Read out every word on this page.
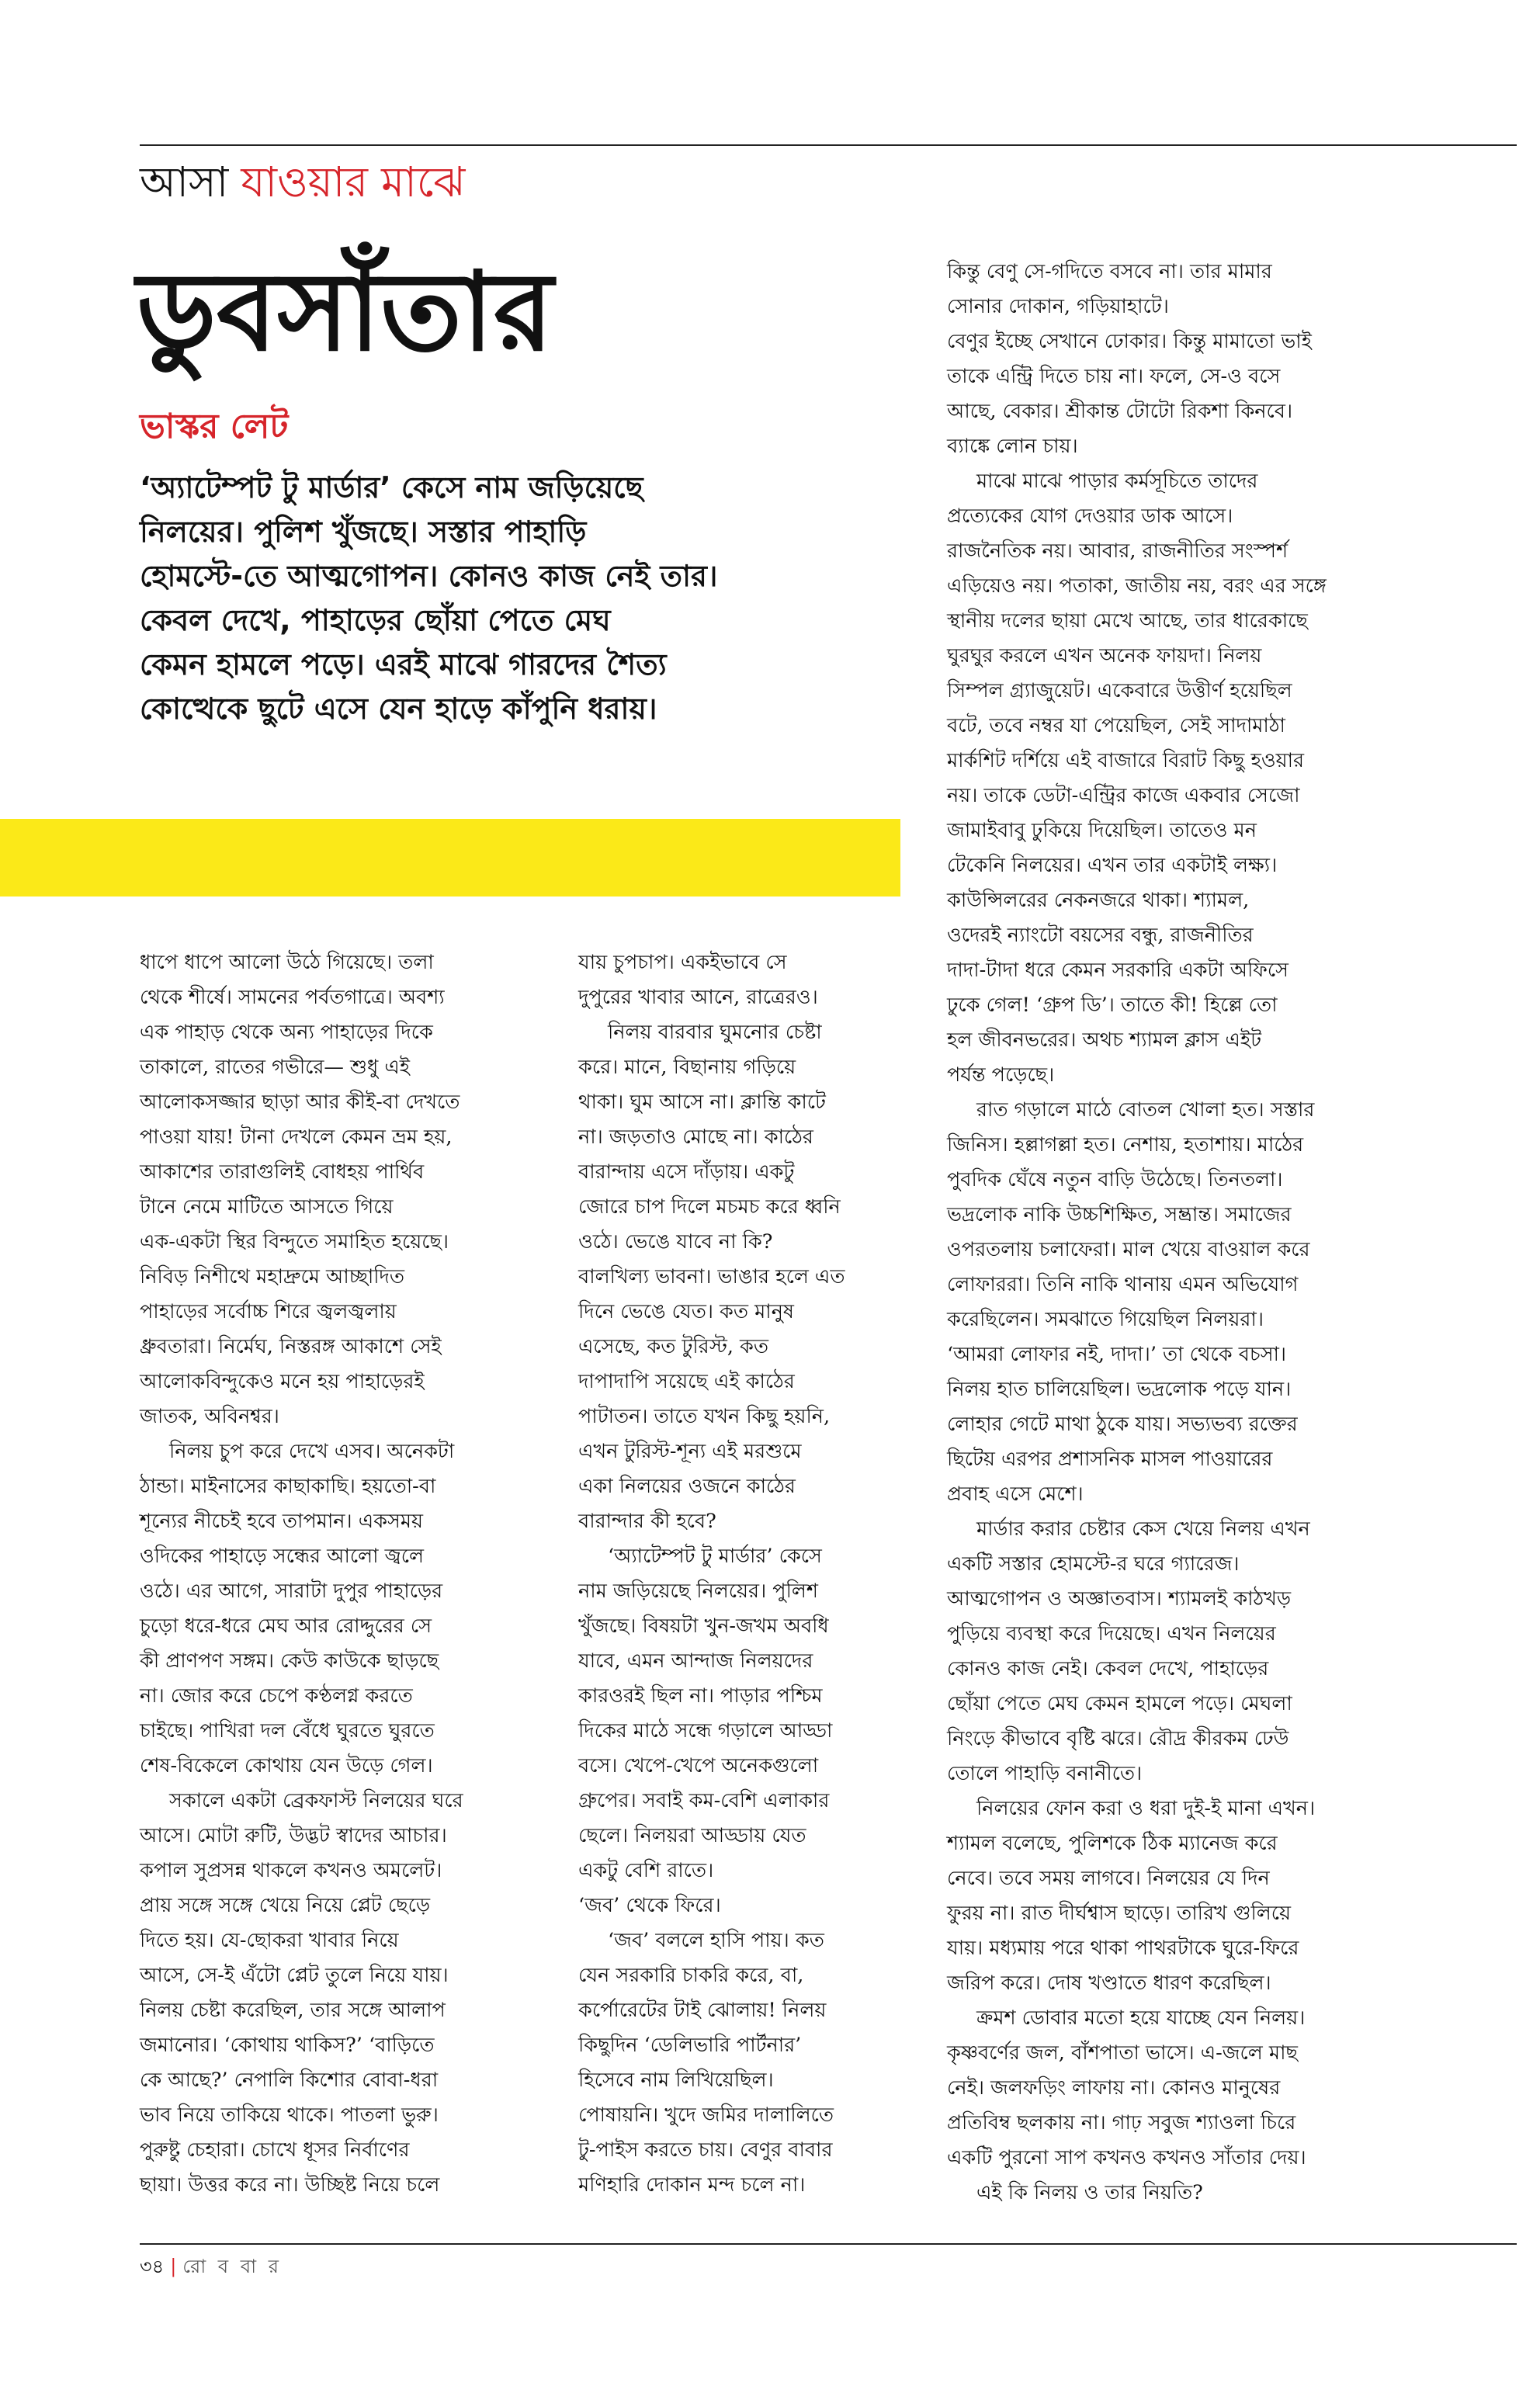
আসা যাওয়ার মাঝে
ডুবসাঁতার
ভাস্কর লেট
‘অ্যাটেম্পট টু মার্ডার’ কেসে নাম জড়িয়েছে
নিলয়ের। পুলিশ খুঁজছে। সস্তার পাহাড়ি
হোমস্টে-তে আত্মগোপন। কোনও কাজ নেই তার।
কেবল দেখে, পাহাড়ের ছোঁয়া পেতে মেঘ
কেমন হামলে পড়ে। এরই মাঝে গারদের শৈত্য
কোত্থেকে ছুটে এসে যেন হাড়ে কাঁপুনি ধরায়।
ধাপে ধাপে আলো উঠে গিয়েছে। তলা
থেকে শীর্ষে। সামনের পর্বতগাত্রে। অবশ্য
এক পাহাড় থেকে অন্য পাহাড়ের দিকে
তাকালে, রাতের গভীরে— শুধু এই
আলোকসজ্জার ছাড়া আর কীই-বা দেখতে
পাওয়া যায়! টানা দেখলে কেমন ভ্রম হয়,
আকাশের তারাগুলিই বোধহয় পার্থিব
টানে নেমে মাটিতে আসতে গিয়ে
এক-একটা স্থির বিন্দুতে সমাহিত হয়েছে।
নিবিড় নিশীথে মহাদ্রুমে আচ্ছাদিত
পাহাড়ের সর্বোচ্চ শিরে জ্বলজ্বলায়
ধ্রুবতারা। নির্মেঘ, নিস্তরঙ্গ আকাশে সেই
আলোকবিন্দুকেও মনে হয় পাহাড়েরই
জাতক, অবিনশ্বর।
নিলয় চুপ করে দেখে এসব। অনেকটা
ঠান্ডা। মাইনাসের কাছাকাছি। হয়তো-বা
শূন্যের নীচেই হবে তাপমান। একসময়
ওদিকের পাহাড়ে সন্ধের আলো জ্বলে
ওঠে। এর আগে, সারাটা দুপুর পাহাড়ের
চুড়ো ধরে-ধরে মেঘ আর রোদ্দুরের সে
কী প্রাণপণ সঙ্গম। কেউ কাউকে ছাড়ছে
না। জোর করে চেপে কণ্ঠলগ্ন করতে
চাইছে। পাখিরা দল বেঁধে ঘুরতে ঘুরতে
শেষ-বিকেলে কোথায় যেন উড়ে গেল।
সকালে একটা ব্রেকফাস্ট নিলয়ের ঘরে
আসে। মোটা রুটি, উদ্ভট স্বাদের আচার।
কপাল সুপ্রসন্ন থাকলে কখনও অমলেট।
প্রায় সঙ্গে সঙ্গে খেয়ে নিয়ে প্লেট ছেড়ে
দিতে হয়। যে-ছোকরা খাবার নিয়ে
আসে, সে-ই এঁটো প্লেট তুলে নিয়ে যায়।
নিলয় চেষ্টা করেছিল, তার সঙ্গে আলাপ
জমানোর। ‘কোথায় থাকিস?’ ‘বাড়িতে
কে আছে?’ নেপালি কিশোর বোবা-ধরা
ভাব নিয়ে তাকিয়ে থাকে। পাতলা ভুরু।
পুরুষ্টু চেহারা। চোখে ধূসর নির্বাণের
ছায়া। উত্তর করে না। উচ্ছিষ্ট নিয়ে চলে
যায় চুপচাপ। একইভাবে সে
দুপুরের খাবার আনে, রাত্রেরও।
নিলয় বারবার ঘুমনোর চেষ্টা
করে। মানে, বিছানায় গড়িয়ে
থাকা। ঘুম আসে না। ক্লান্তি কাটে
না। জড়তাও মোছে না। কাঠের
বারান্দায় এসে দাঁড়ায়। একটু
জোরে চাপ দিলে মচমচ করে ধ্বনি
ওঠে। ভেঙে যাবে না কি?
বালখিল্য ভাবনা। ভাঙার হলে এত
দিনে ভেঙে যেত। কত মানুষ
এসেছে, কত টুরিস্ট, কত
দাপাদাপি সয়েছে এই কাঠের
পাটাতন। তাতে যখন কিছু হয়নি,
এখন টুরিস্ট-শূন্য এই মরশুমে
একা নিলয়ের ওজনে কাঠের
বারান্দার কী হবে?
‘অ্যাটেম্পট টু মার্ডার’ কেসে
নাম জড়িয়েছে নিলয়ের। পুলিশ
খুঁজছে। বিষয়টা খুন-জখম অবধি
যাবে, এমন আন্দাজ নিলয়দের
কারওরই ছিল না। পাড়ার পশ্চিম
দিকের মাঠে সন্ধে গড়ালে আড্ডা
বসে। খেপে-খেপে অনেকগুলো
গ্রুপের। সবাই কম-বেশি এলাকার
ছেলে। নিলয়রা আড্ডায় যেত
একটু বেশি রাতে।
‘জব’ থেকে ফিরে।
‘জব’ বললে হাসি পায়। কত
যেন সরকারি চাকরি করে, বা,
কর্পোরেটের টাই ঝোলায়! নিলয়
কিছুদিন ‘ডেলিভারি পার্টনার’
হিসেবে নাম লিখিয়েছিল।
পোষায়নি। খুদে জমির দালালিতে
টু-পাইস করতে চায়। বেণুর বাবার
মণিহারি দোকান মন্দ চলে না।
কিন্তু বেণু সে-গদিতে বসবে না। তার মামার
সোনার দোকান, গড়িয়াহাটে।
বেণুর ইচ্ছে সেখানে ঢোকার। কিন্তু মামাতো ভাই
তাকে এন্ট্রি দিতে চায় না। ফলে, সে-ও বসে
আছে, বেকার। শ্রীকান্ত টোটো রিকশা কিনবে।
ব্যাঙ্কে লোন চায়।
মাঝে মাঝে পাড়ার কর্মসূচিতে তাদের
প্রত্যেকের যোগ দেওয়ার ডাক আসে।
রাজনৈতিক নয়। আবার, রাজনীতির সংস্পর্শ
এড়িয়েও নয়। পতাকা, জাতীয় নয়, বরং এর সঙ্গে
স্থানীয় দলের ছায়া মেখে আছে, তার ধারেকাছে
ঘুরঘুর করলে এখন অনেক ফায়দা। নিলয়
সিম্পল গ্র্যাজুয়েট। একেবারে উত্তীর্ণ হয়েছিল
বটে, তবে নম্বর যা পেয়েছিল, সেই সাদামাঠা
মার্কশিট দর্শিয়ে এই বাজারে বিরাট কিছু হওয়ার
নয়। তাকে ডেটা-এন্ট্রির কাজে একবার সেজো
জামাইবাবু ঢুকিয়ে দিয়েছিল। তাতেও মন
টেকেনি নিলয়ের। এখন তার একটাই লক্ষ্য।
কাউন্সিলরের নেকনজরে থাকা। শ্যামল,
ওদেরই ন্যাংটো বয়সের বন্ধু, রাজনীতির
দাদা-টাদা ধরে কেমন সরকারি একটা অফিসে
ঢুকে গেল! ‘গ্রুপ ডি’। তাতে কী! হিল্লে তো
হল জীবনভরের। অথচ শ্যামল ক্লাস এইট
পর্যন্ত পড়েছে।
রাত গড়ালে মাঠে বোতল খোলা হত। সস্তার
জিনিস। হল্লাগল্লা হত। নেশায়, হতাশায়। মাঠের
পুবদিক ঘেঁষে নতুন বাড়ি উঠেছে। তিনতলা।
ভদ্রলোক নাকি উচ্চশিক্ষিত, সম্ভ্রান্ত। সমাজের
ওপরতলায় চলাফেরা। মাল খেয়ে বাওয়াল করে
লোফাররা। তিনি নাকি থানায় এমন অভিযোগ
করেছিলেন। সমঝাতে গিয়েছিল নিলয়রা।
‘আমরা লোফার নই, দাদা।’ তা থেকে বচসা।
নিলয় হাত চালিয়েছিল। ভদ্রলোক পড়ে যান।
লোহার গেটে মাথা ঠুকে যায়। সভ্যভব্য রক্তের
ছিটেয় এরপর প্রশাসনিক মাসল পাওয়ারের
প্রবাহ এসে মেশে।
মার্ডার করার চেষ্টার কেস খেয়ে নিলয় এখন
একটি সস্তার হোমস্টে-র ঘরে গ্যারেজ।
আত্মগোপন ও অজ্ঞাতবাস। শ্যামলই কাঠখড়
পুড়িয়ে ব্যবস্থা করে দিয়েছে। এখন নিলয়ের
কোনও কাজ নেই। কেবল দেখে, পাহাড়ের
ছোঁয়া পেতে মেঘ কেমন হামলে পড়ে। মেঘলা
নিংড়ে কীভাবে বৃষ্টি ঝরে। রৌদ্র কীরকম ঢেউ
তোলে পাহাড়ি বনানীতে।
নিলয়ের ফোন করা ও ধরা দুই-ই মানা এখন।
শ্যামল বলেছে, পুলিশকে ঠিক ম্যানেজ করে
নেবে। তবে সময় লাগবে। নিলয়ের যে দিন
ফুরয় না। রাত দীর্ঘশ্বাস ছাড়ে। তারিখ গুলিয়ে
যায়। মধ্যমায় পরে থাকা পাথরটাকে ঘুরে-ফিরে
জরিপ করে। দোষ খণ্ডাতে ধারণ করেছিল।
ক্রমশ ডোবার মতো হয়ে যাচ্ছে যেন নিলয়।
কৃষ্ণবর্ণের জল, বাঁশপাতা ভাসে। এ-জলে মাছ
নেই। জলফড়িং লাফায় না। কোনও মানুষের
প্রতিবিম্ব ছলকায় না। গাঢ় সবুজ শ্যাওলা চিরে
একটি পুরনো সাপ কখনও কখনও সাঁতার দেয়।
এই কি নিলয় ও তার নিয়তি?
৩৪ | রো ব বা র
